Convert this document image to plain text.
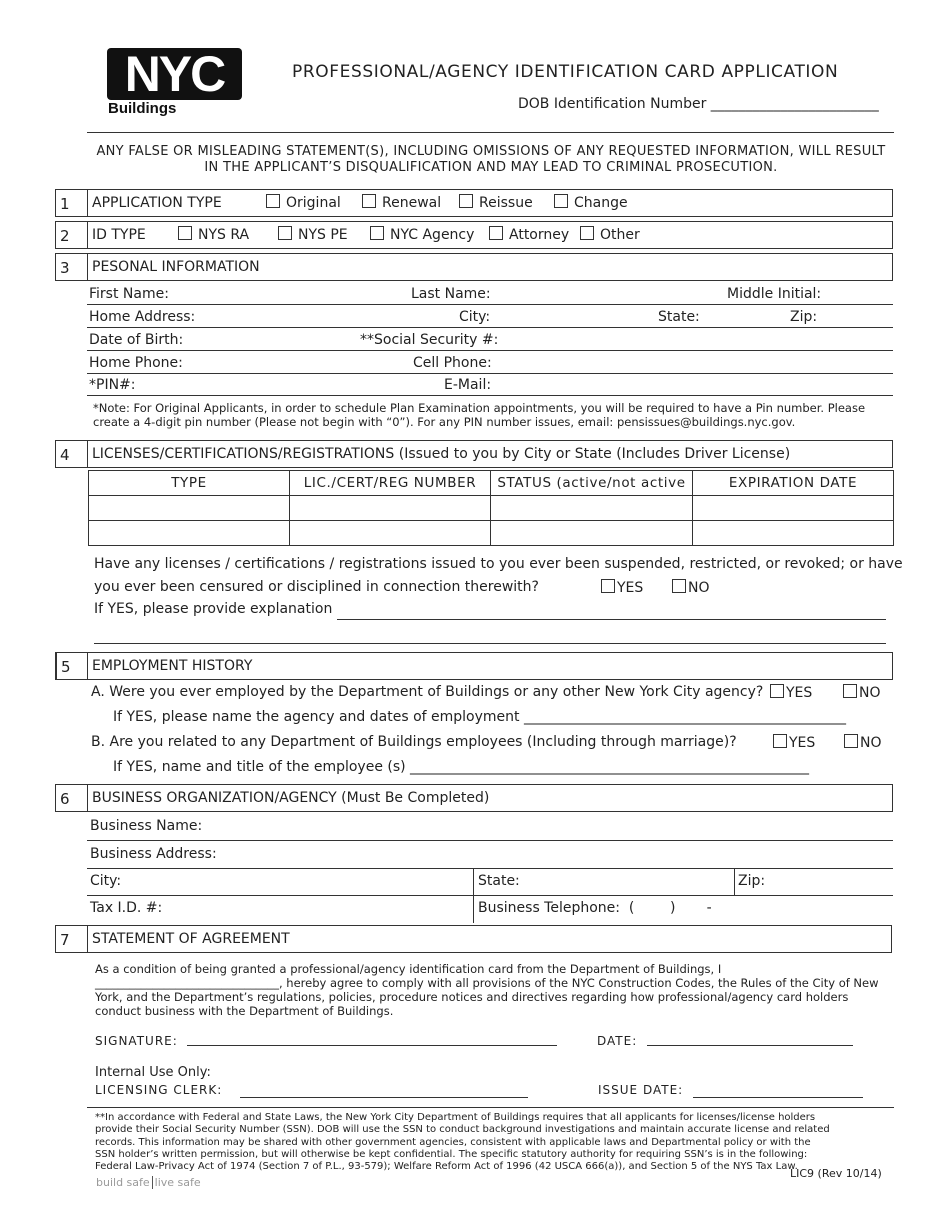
NYC
Buildings
PROFESSIONAL/AGENCY IDENTIFICATION CARD APPLICATION
DOB Identification Number ________________________
ANY FALSE OR MISLEADING STATEMENT(S), INCLUDING OMISSIONS OF ANY REQUESTED INFORMATION, WILL RESULT IN THE APPLICANT’S DISQUALIFICATION AND MAY LEAD TO CRIMINAL PROSECUTION.
1	APPLICATION TYPE	Original	Renewal	Reissue	Change
2	ID TYPE	NYS RA	NYS PE	NYC Agency	Attorney	Other
3	PESONAL INFORMATION
First Name:	Last Name:	Middle Initial:
Home Address:	City:	State:	Zip:
Date of Birth:	**Social Security #:
Home Phone:	Cell Phone:
*PIN#:	E-Mail:
*Note: For Original Applicants, in order to schedule Plan Examination appointments, you will be required to have a Pin number. Please create a 4-digit pin number (Please not begin with “0”). For any PIN number issues, email: pensissues@buildings.nyc.gov.
4	LICENSES/CERTIFICATIONS/REGISTRATIONS (Issued to you by City or State (Includes Driver License)
TYPE	LIC./CERT/REG NUMBER	STATUS (active/not active	EXPIRATION DATE

Have any licenses / certifications / registrations issued to you ever been suspended, restricted, or revoked; or have
you ever been censured or disciplined in connection therewith?	YES	NO
If YES, please provide explanation
5	EMPLOYMENT HISTORY
A. Were you ever employed by the Department of Buildings or any other New York City agency?	YES	NO
If YES, please name the agency and dates of employment ______________________________________________
B. Are you related to any Department of Buildings employees (Including through marriage)?	YES	NO
If YES, name and title of the employee (s) _________________________________________________________
6	BUSINESS ORGANIZATION/AGENCY (Must Be Completed)
Business Name:
Business Address:
City:	State:	Zip:
Tax I.D. #:	Business Telephone:  (        )       -
7	STATEMENT OF AGREEMENT
As a condition of being granted a professional/agency identification card from the Department of Buildings, I ________________________________, hereby agree to comply with all provisions of the NYC Construction Codes, the Rules of the City of New York, and the Department’s regulations, policies, procedure notices and directives regarding how professional/agency card holders conduct business with the Department of Buildings.
SIGNATURE:	DATE:
Internal Use Only:
LICENSING CLERK:	ISSUE DATE:
**In accordance with Federal and State Laws, the New York City Department of Buildings requires that all applicants for licenses/license holders provide their Social Security Number (SSN). DOB will use the SSN to conduct background investigations and maintain accurate license and related records. This information may be shared with other government agencies, consistent with applicable laws and Departmental policy or with the SSN holder’s written permission, but will otherwise be kept confidential. The specific statutory authority for requiring SSN’s is in the following: Federal Law-Privacy Act of 1974 (Section 7 of P.L., 93-579); Welfare Reform Act of 1996 (42 USCA 666(a)), and Section 5 of the NYS Tax Law.
LIC9 (Rev 10/14)
build safe live safe
